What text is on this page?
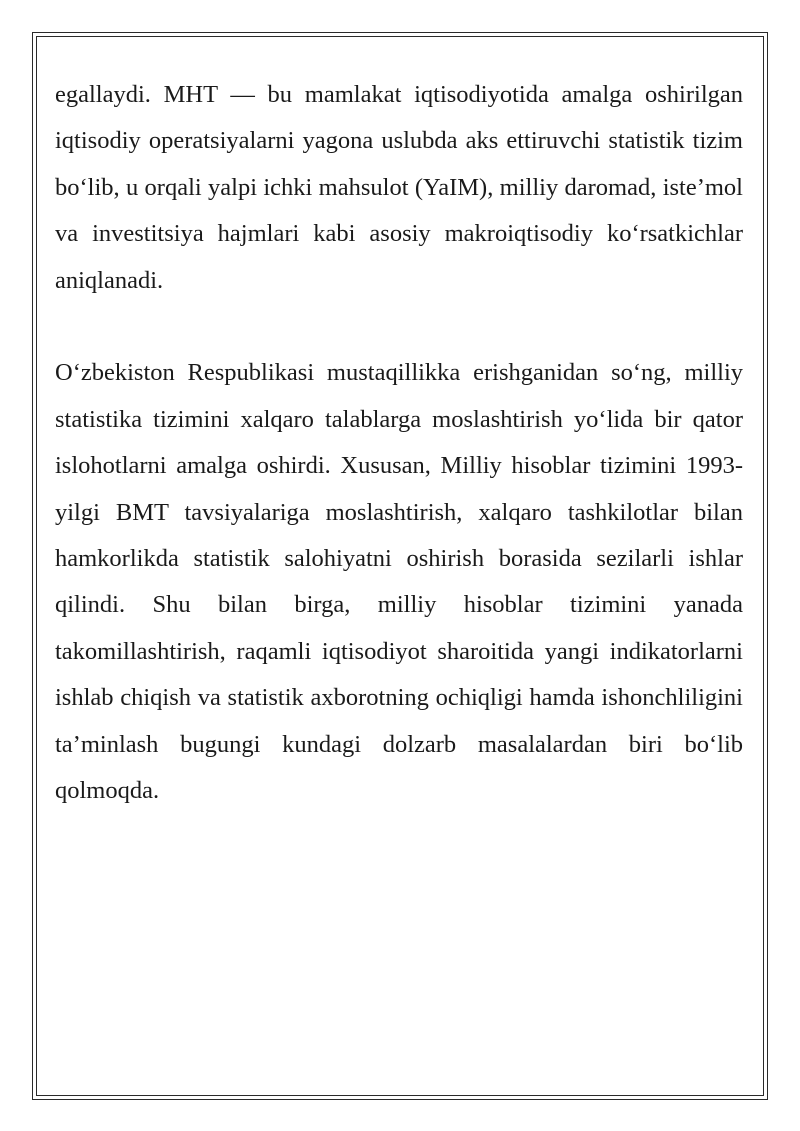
egallaydi. MHT — bu mamlakat iqtisodiyotida amalga oshirilgan iqtisodiy operatsiyalarni yagona uslubda aks ettiruvchi statistik tizim bo‘lib, u orqali yalpi ichki mahsulot (YaIM), milliy daromad, iste’mol va investitsiya hajmlari kabi asosiy makroiqtisodiy ko‘rsatkichlar aniqlanadi.

O‘zbekiston Respublikasi mustaqillikka erishganidan so‘ng, milliy statistika tizimini xalqaro talablarga moslashtirish yo‘lida bir qator islohotlarni amalga oshirdi. Xususan, Milliy hisoblar tizimini 1993-yilgi BMT tavsiyalariga moslashtirish, xalqaro tashkilotlar bilan hamkorlikda statistik salohiyatni oshirish borasida sezilarli ishlar qilindi. Shu bilan birga, milliy hisoblar tizimini yanada takomillashtirish, raqamli iqtisodiyot sharoitida yangi indikatorlarni ishlab chiqish va statistik axborotning ochiqligi hamda ishonchliligini ta’minlash bugungi kundagi dolzarb masalalardan biri bo‘lib qolmoqda.
